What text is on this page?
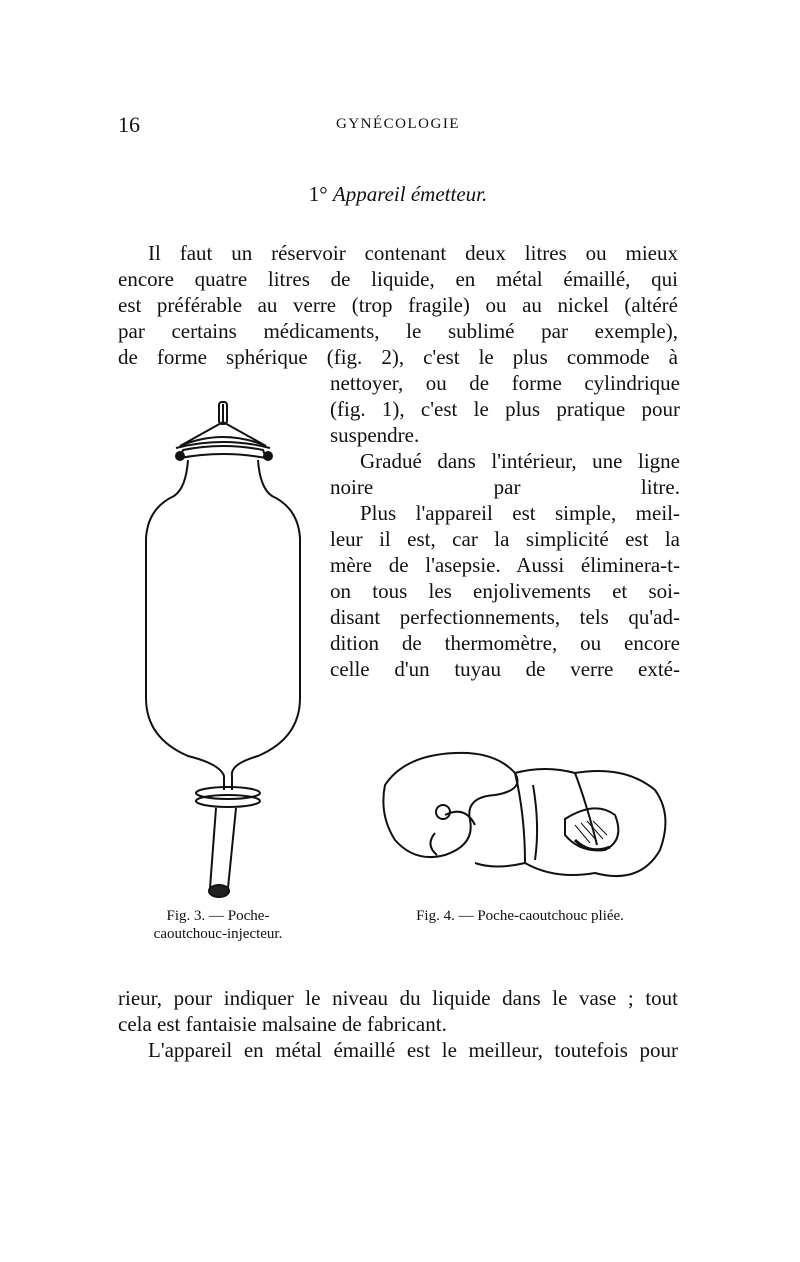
16	GYNÉCOLOGIE
1° Appareil émetteur.
Il faut un réservoir contenant deux litres ou mieux
encore quatre litres de liquide, en métal émaillé, qui
est préférable au verre (trop fragile) ou au nickel (altéré
par certains médicaments, le sublimé par exemple),
de forme sphérique (fig. 2), c'est le plus commode à
nettoyer, ou de forme cylindrique
(fig. 1), c'est le plus pratique pour
suspendre.
Gradué dans l'intérieur, une ligne
noire par litre.
Plus l'appareil est simple, meil-
leur il est, car la simplicité est la
mère de l'asepsie. Aussi éliminera-t-
on tous les enjolivements et soi-
disant perfectionnements, tels qu'ad-
dition de thermomètre, ou encore
celle d'un tuyau de verre exté-
Fig. 3. — Poche-
caoutchouc-injecteur.
Fig. 4. — Poche-caoutchouc pliée.
rieur, pour indiquer le niveau du liquide dans le vase ; tout
cela est fantaisie malsaine de fabricant.
L'appareil en métal émaillé est le meilleur, toutefois pour
